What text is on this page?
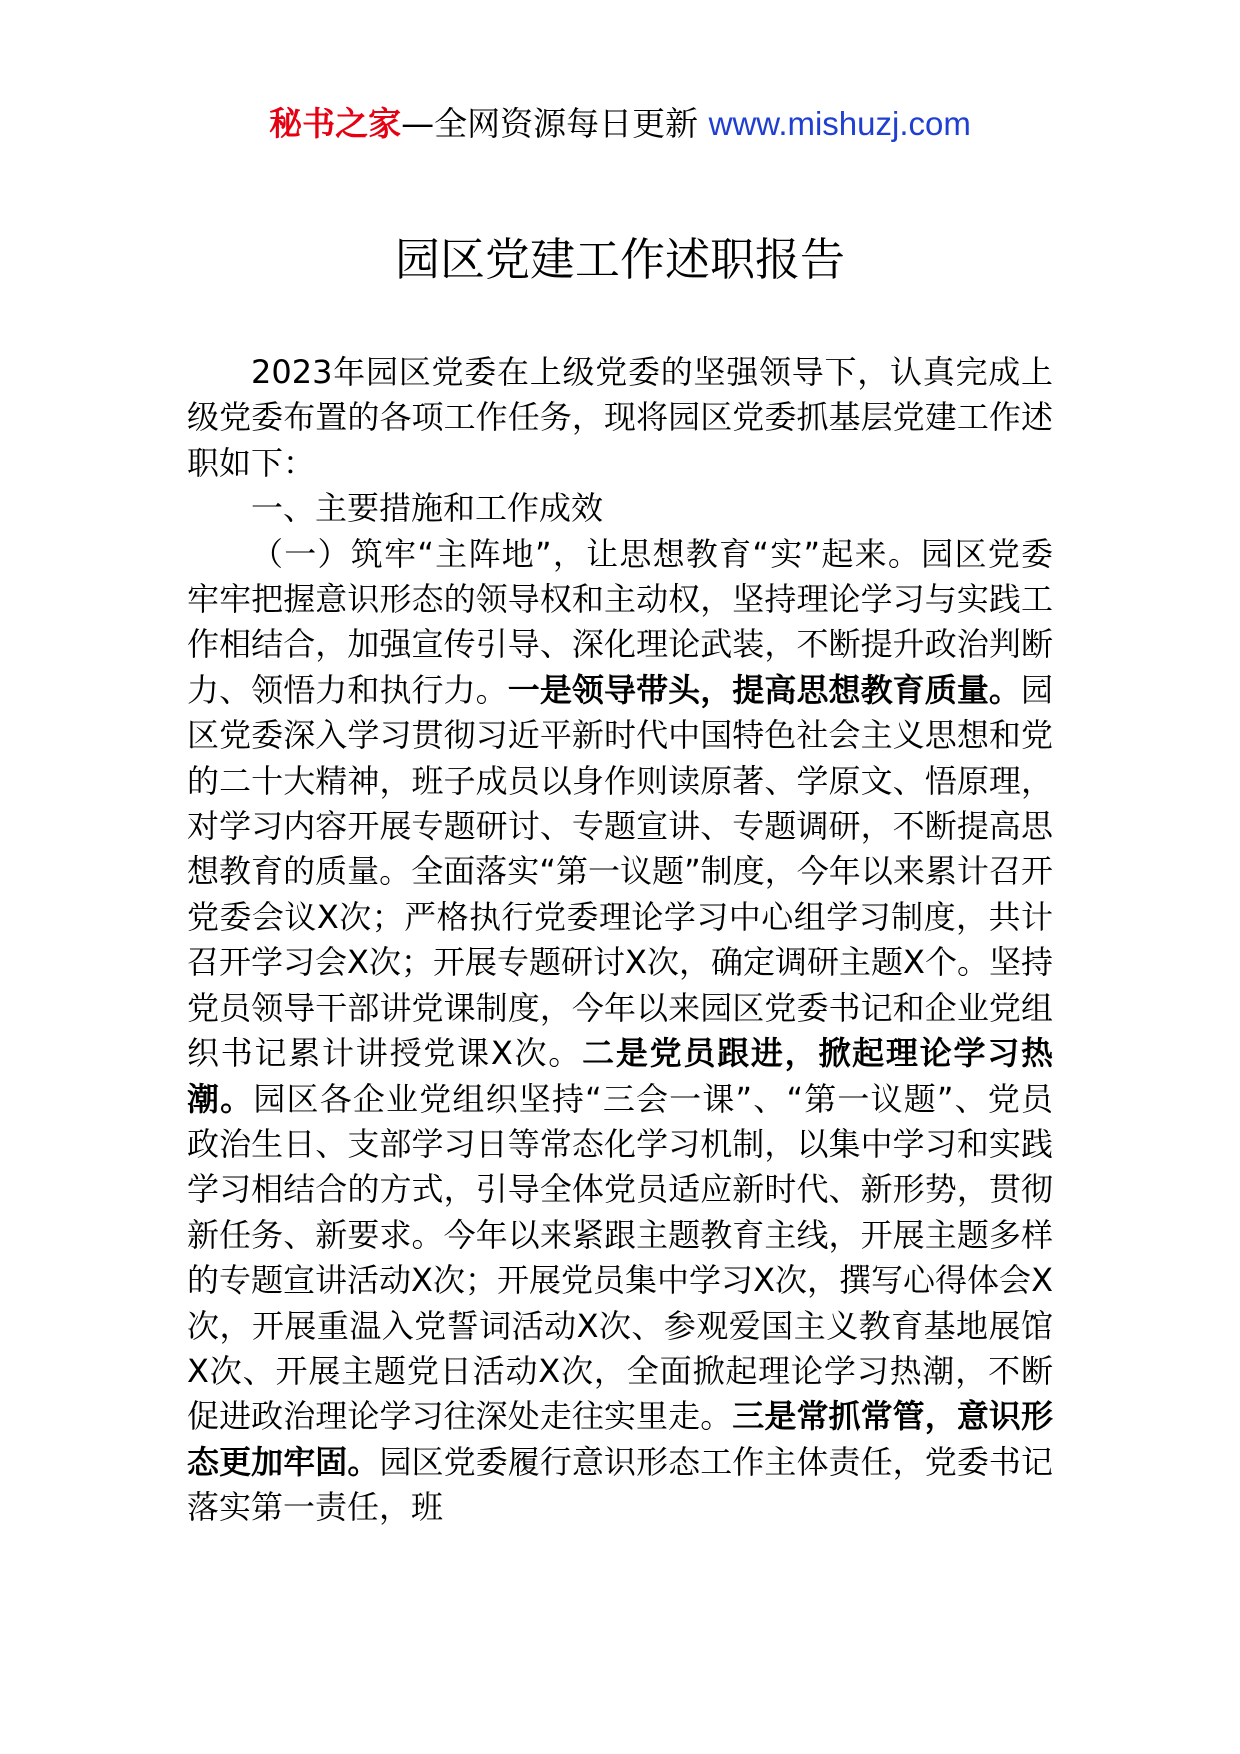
秘书之家—全网资源每日更新 www.mishuzj.com
园区党建工作述职报告

2023年园区党委在上级党委的坚强领导下，认真完成上级党委布置的各项工作任务，现将园区党委抓基层党建工作述职如下：

一、主要措施和工作成效

（一）筑牢“主阵地”，让思想教育“实”起来。园区党委牢牢把握意识形态的领导权和主动权，坚持理论学习与实践工作相结合，加强宣传引导、深化理论武装，不断提升政治判断力、领悟力和执行力。一是领导带头，提高思想教育质量。园区党委深入学习贯彻习近平新时代中国特色社会主义思想和党的二十大精神，班子成员以身作则读原著、学原文、悟原理，对学习内容开展专题研讨、专题宣讲、专题调研，不断提高思想教育的质量。全面落实“第一议题”制度，今年以来累计召开党委会议X次；严格执行党委理论学习中心组学习制度，共计召开学习会X次；开展专题研讨X次，确定调研主题X个。坚持党员领导干部讲党课制度，今年以来园区党委书记和企业党组织书记累计讲授党课X次。二是党员跟进，掀起理论学习热潮。园区各企业党组织坚持“三会一课”、“第一议题”、党员政治生日、支部学习日等常态化学习机制，以集中学习和实践学习相结合的方式，引导全体党员适应新时代、新形势，贯彻新任务、新要求。今年以来紧跟主题教育主线，开展主题多样的专题宣讲活动X次；开展党员集中学习X次，撰写心得体会X次，开展重温入党誓词活动X次、参观爱国主义教育基地展馆X次、开展主题党日活动X次，全面掀起理论学习热潮，不断促进政治理论学习往深处走往实里走。三是常抓常管，意识形态更加牢固。园区党委履行意识形态工作主体责任，党委书记落实第一责任，班
